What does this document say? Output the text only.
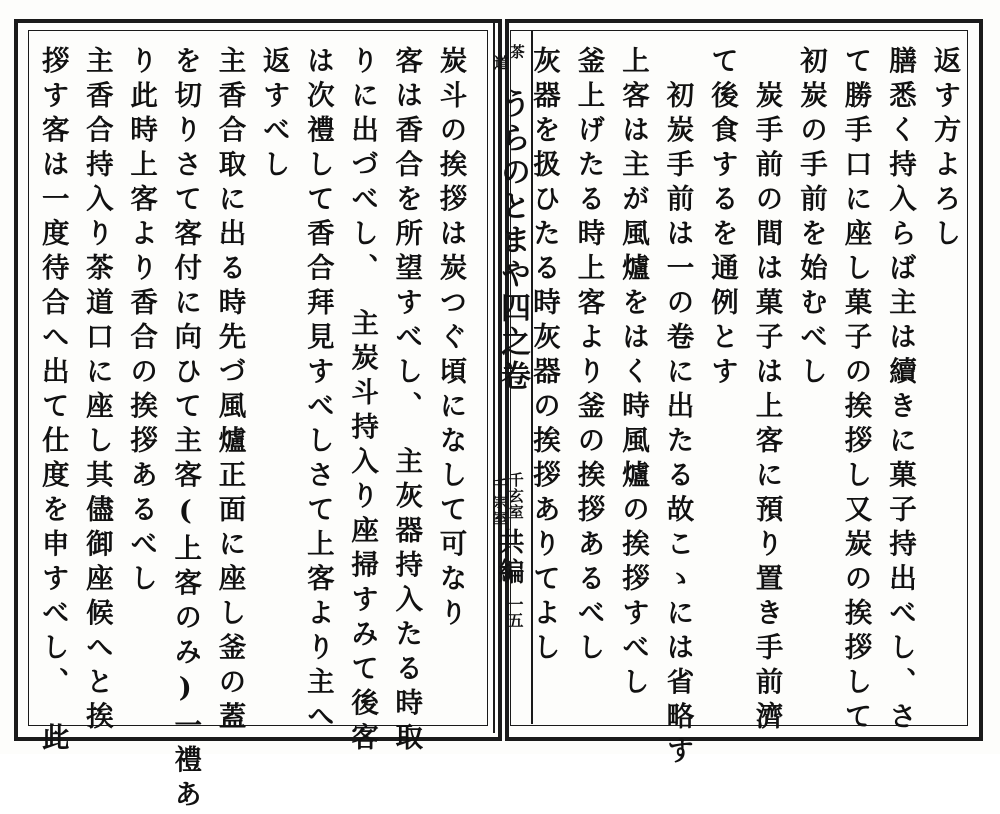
茶
道
うらのとまや四之卷
千玄室
千宗室
共編
一五
返す方よろし
膳悉く持入らば主は續きに菓子持出べし、さ
て勝手口に座し菓子の挨拶し又炭の挨拶して
初炭の手前を始むべし
　炭手前の間は菓子は上客に預り置き手前濟
て後食するを通例とす
　初炭手前は一の卷に出たる故こゝには省略す
上客は主が風爐をはく時風爐の挨拶すべし
釜上げたる時上客より釜の挨拶あるべし
灰器を扱ひたる時灰器の挨拶ありてよし
炭斗の挨拶は炭つぐ頃になして可なり
客は香合を所望すべし、　主灰器持入たる時取
りに出づべし、　主炭斗持入り座掃すみて後客
は次禮して香合拜見すべしさて上客より主へ
返すべし
主香合取に出る時先づ風爐正面に座し釜の蓋
を切りさて客付に向ひて主客(上客のみ)一禮あ
り此時上客より香合の挨拶あるべし
主香合持入り茶道口に座し其儘御座候へと挨
拶す客は一度待合へ出て仕度を申すべし、　此
